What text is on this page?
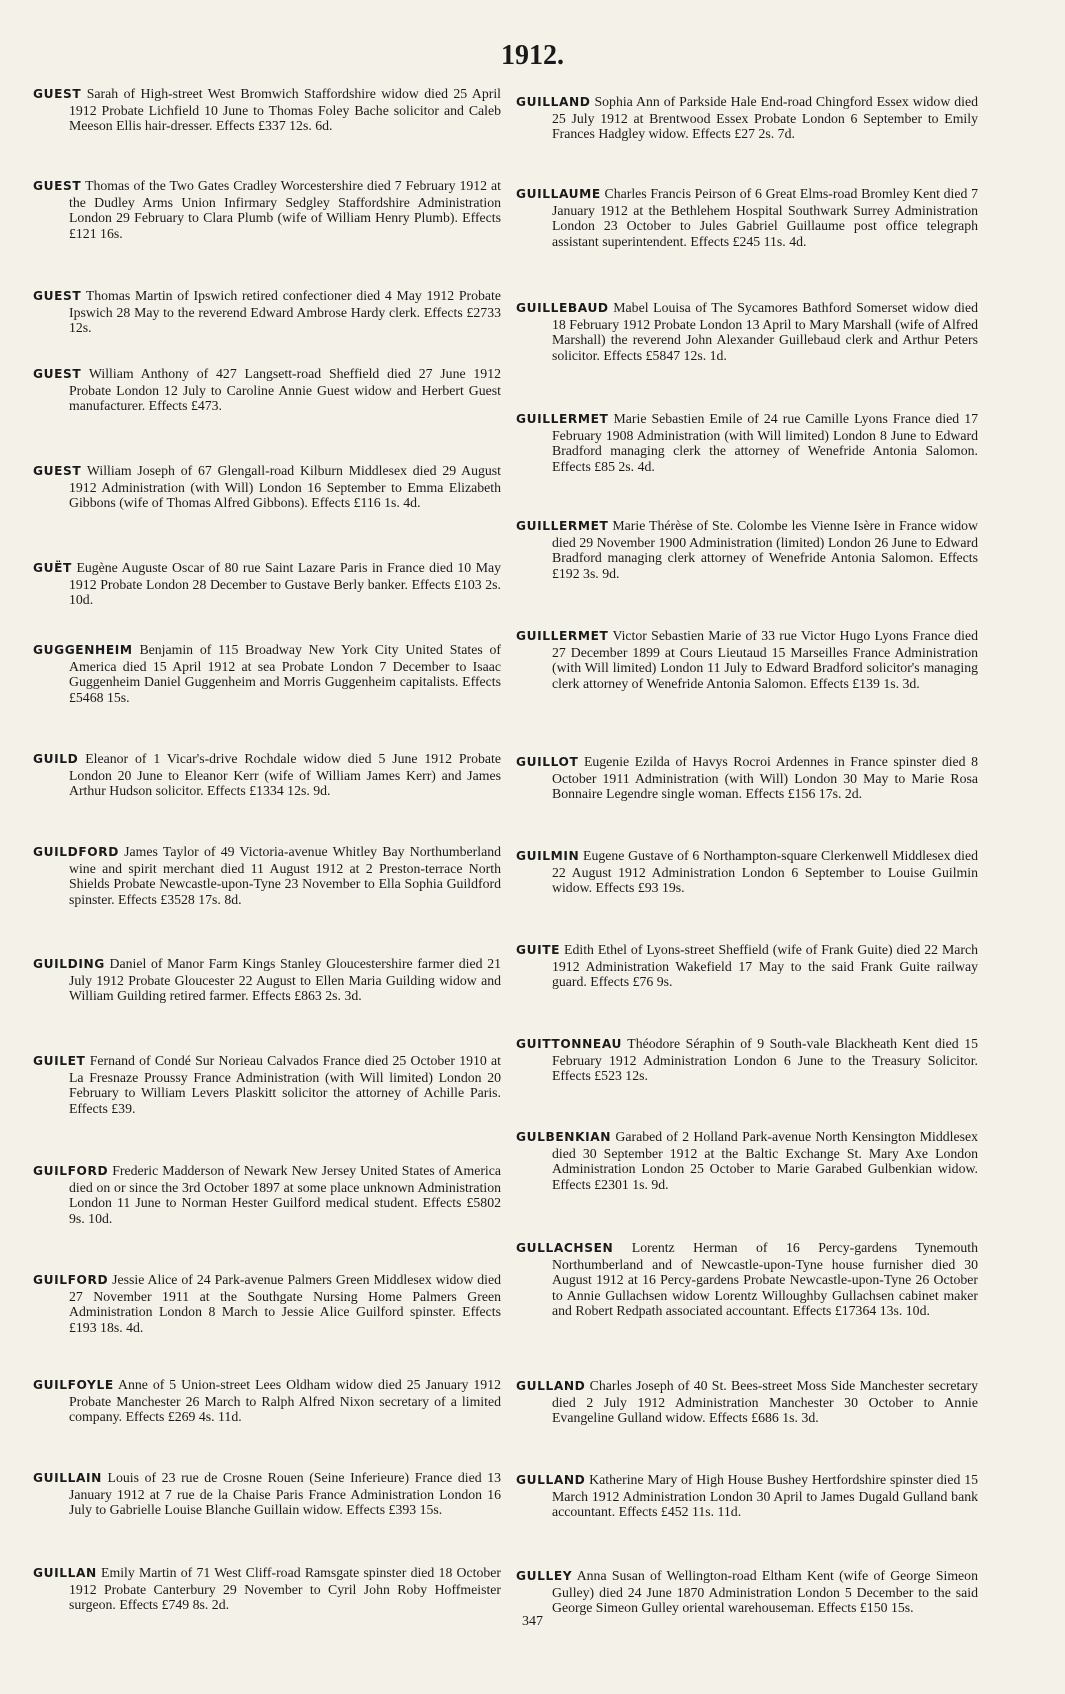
1912.
GUEST Sarah of High-street West Bromwich Staffordshire widow died 25 April 1912 Probate Lichfield 10 June to Thomas Foley Bache solicitor and Caleb Meeson Ellis hair-dresser. Effects £337 12s. 6d.
GUEST Thomas of the Two Gates Cradley Worcestershire died 7 February 1912 at the Dudley Arms Union Infirmary Sedgley Staffordshire Administration London 29 February to Clara Plumb (wife of William Henry Plumb). Effects £121 16s.
GUEST Thomas Martin of Ipswich retired confectioner died 4 May 1912 Probate Ipswich 28 May to the reverend Edward Ambrose Hardy clerk. Effects £2733 12s.
GUEST William Anthony of 427 Langsett-road Sheffield died 27 June 1912 Probate London 12 July to Caroline Annie Guest widow and Herbert Guest manufacturer. Effects £473.
GUEST William Joseph of 67 Glengall-road Kilburn Middlesex died 29 August 1912 Administration (with Will) London 16 September to Emma Elizabeth Gibbons (wife of Thomas Alfred Gibbons). Effects £116 1s. 4d.
GUËT Eugène Auguste Oscar of 80 rue Saint Lazare Paris in France died 10 May 1912 Probate London 28 December to Gustave Berly banker. Effects £103 2s. 10d.
GUGGENHEIM Benjamin of 115 Broadway New York City United States of America died 15 April 1912 at sea Probate London 7 December to Isaac Guggenheim Daniel Guggenheim and Morris Guggenheim capitalists. Effects £5468 15s.
GUILD Eleanor of 1 Vicar's-drive Rochdale widow died 5 June 1912 Probate London 20 June to Eleanor Kerr (wife of William James Kerr) and James Arthur Hudson solicitor. Effects £1334 12s. 9d.
GUILDFORD James Taylor of 49 Victoria-avenue Whitley Bay Northumberland wine and spirit merchant died 11 August 1912 at 2 Preston-terrace North Shields Probate Newcastle-upon-Tyne 23 November to Ella Sophia Guildford spinster. Effects £3528 17s. 8d.
GUILDING Daniel of Manor Farm Kings Stanley Gloucestershire farmer died 21 July 1912 Probate Gloucester 22 August to Ellen Maria Guilding widow and William Guilding retired farmer. Effects £863 2s. 3d.
GUILET Fernand of Condé Sur Norieau Calvados France died 25 October 1910 at La Fresnaze Proussy France Administration (with Will limited) London 20 February to William Levers Plaskitt solicitor the attorney of Achille Paris. Effects £39.
GUILFORD Frederic Madderson of Newark New Jersey United States of America died on or since the 3rd October 1897 at some place unknown Administration London 11 June to Norman Hester Guilford medical student. Effects £5802 9s. 10d.
GUILFORD Jessie Alice of 24 Park-avenue Palmers Green Middlesex widow died 27 November 1911 at the Southgate Nursing Home Palmers Green Administration London 8 March to Jessie Alice Guilford spinster. Effects £193 18s. 4d.
GUILFOYLE Anne of 5 Union-street Lees Oldham widow died 25 January 1912 Probate Manchester 26 March to Ralph Alfred Nixon secretary of a limited company. Effects £269 4s. 11d.
GUILLAIN Louis of 23 rue de Crosne Rouen (Seine Inferieure) France died 13 January 1912 at 7 rue de la Chaise Paris France Administration London 16 July to Gabrielle Louise Blanche Guillain widow. Effects £393 15s.
GUILLAN Emily Martin of 71 West Cliff-road Ramsgate spinster died 18 October 1912 Probate Canterbury 29 November to Cyril John Roby Hoffmeister surgeon. Effects £749 8s. 2d.
GUILLAND Sophia Ann of Parkside Hale End-road Chingford Essex widow died 25 July 1912 at Brentwood Essex Probate London 6 September to Emily Frances Hadgley widow. Effects £27 2s. 7d.
GUILLAUME Charles Francis Peirson of 6 Great Elms-road Bromley Kent died 7 January 1912 at the Bethlehem Hospital Southwark Surrey Administration London 23 October to Jules Gabriel Guillaume post office telegraph assistant superintendent. Effects £245 11s. 4d.
GUILLEBAUD Mabel Louisa of The Sycamores Bathford Somerset widow died 18 February 1912 Probate London 13 April to Mary Marshall (wife of Alfred Marshall) the reverend John Alexander Guillebaud clerk and Arthur Peters solicitor. Effects £5847 12s. 1d.
GUILLERMET Marie Sebastien Emile of 24 rue Camille Lyons France died 17 February 1908 Administration (with Will limited) London 8 June to Edward Bradford managing clerk the attorney of Wenefride Antonia Salomon. Effects £85 2s. 4d.
GUILLERMET Marie Thérèse of Ste. Colombe les Vienne Isère in France widow died 29 November 1900 Administration (limited) London 26 June to Edward Bradford managing clerk attorney of Wenefride Antonia Salomon. Effects £192 3s. 9d.
GUILLERMET Victor Sebastien Marie of 33 rue Victor Hugo Lyons France died 27 December 1899 at Cours Lieutaud 15 Marseilles France Administration (with Will limited) London 11 July to Edward Bradford solicitor's managing clerk attorney of Wenefride Antonia Salomon. Effects £139 1s. 3d.
GUILLOT Eugenie Ezilda of Havys Rocroi Ardennes in France spinster died 8 October 1911 Administration (with Will) London 30 May to Marie Rosa Bonnaire Legendre single woman. Effects £156 17s. 2d.
GUILMIN Eugene Gustave of 6 Northampton-square Clerkenwell Middlesex died 22 August 1912 Administration London 6 September to Louise Guilmin widow. Effects £93 19s.
GUITE Edith Ethel of Lyons-street Sheffield (wife of Frank Guite) died 22 March 1912 Administration Wakefield 17 May to the said Frank Guite railway guard. Effects £76 9s.
GUITTONNEAU Théodore Séraphin of 9 South-vale Blackheath Kent died 15 February 1912 Administration London 6 June to the Treasury Solicitor. Effects £523 12s.
GULBENKIAN Garabed of 2 Holland Park-avenue North Kensington Middlesex died 30 September 1912 at the Baltic Exchange St. Mary Axe London Administration London 25 October to Marie Garabed Gulbenkian widow. Effects £2301 1s. 9d.
GULLACHSEN Lorentz Herman of 16 Percy-gardens Tynemouth Northumberland and of Newcastle-upon-Tyne house furnisher died 30 August 1912 at 16 Percy-gardens Probate Newcastle-upon-Tyne 26 October to Annie Gullachsen widow Lorentz Willoughby Gullachsen cabinet maker and Robert Redpath associated accountant. Effects £17364 13s. 10d.
GULLAND Charles Joseph of 40 St. Bees-street Moss Side Manchester secretary died 2 July 1912 Administration Manchester 30 October to Annie Evangeline Gulland widow. Effects £686 1s. 3d.
GULLAND Katherine Mary of High House Bushey Hertfordshire spinster died 15 March 1912 Administration London 30 April to James Dugald Gulland bank accountant. Effects £452 11s. 11d.
GULLEY Anna Susan of Wellington-road Eltham Kent (wife of George Simeon Gulley) died 24 June 1870 Administration London 5 December to the said George Simeon Gulley oriental warehouseman. Effects £150 15s.
347
